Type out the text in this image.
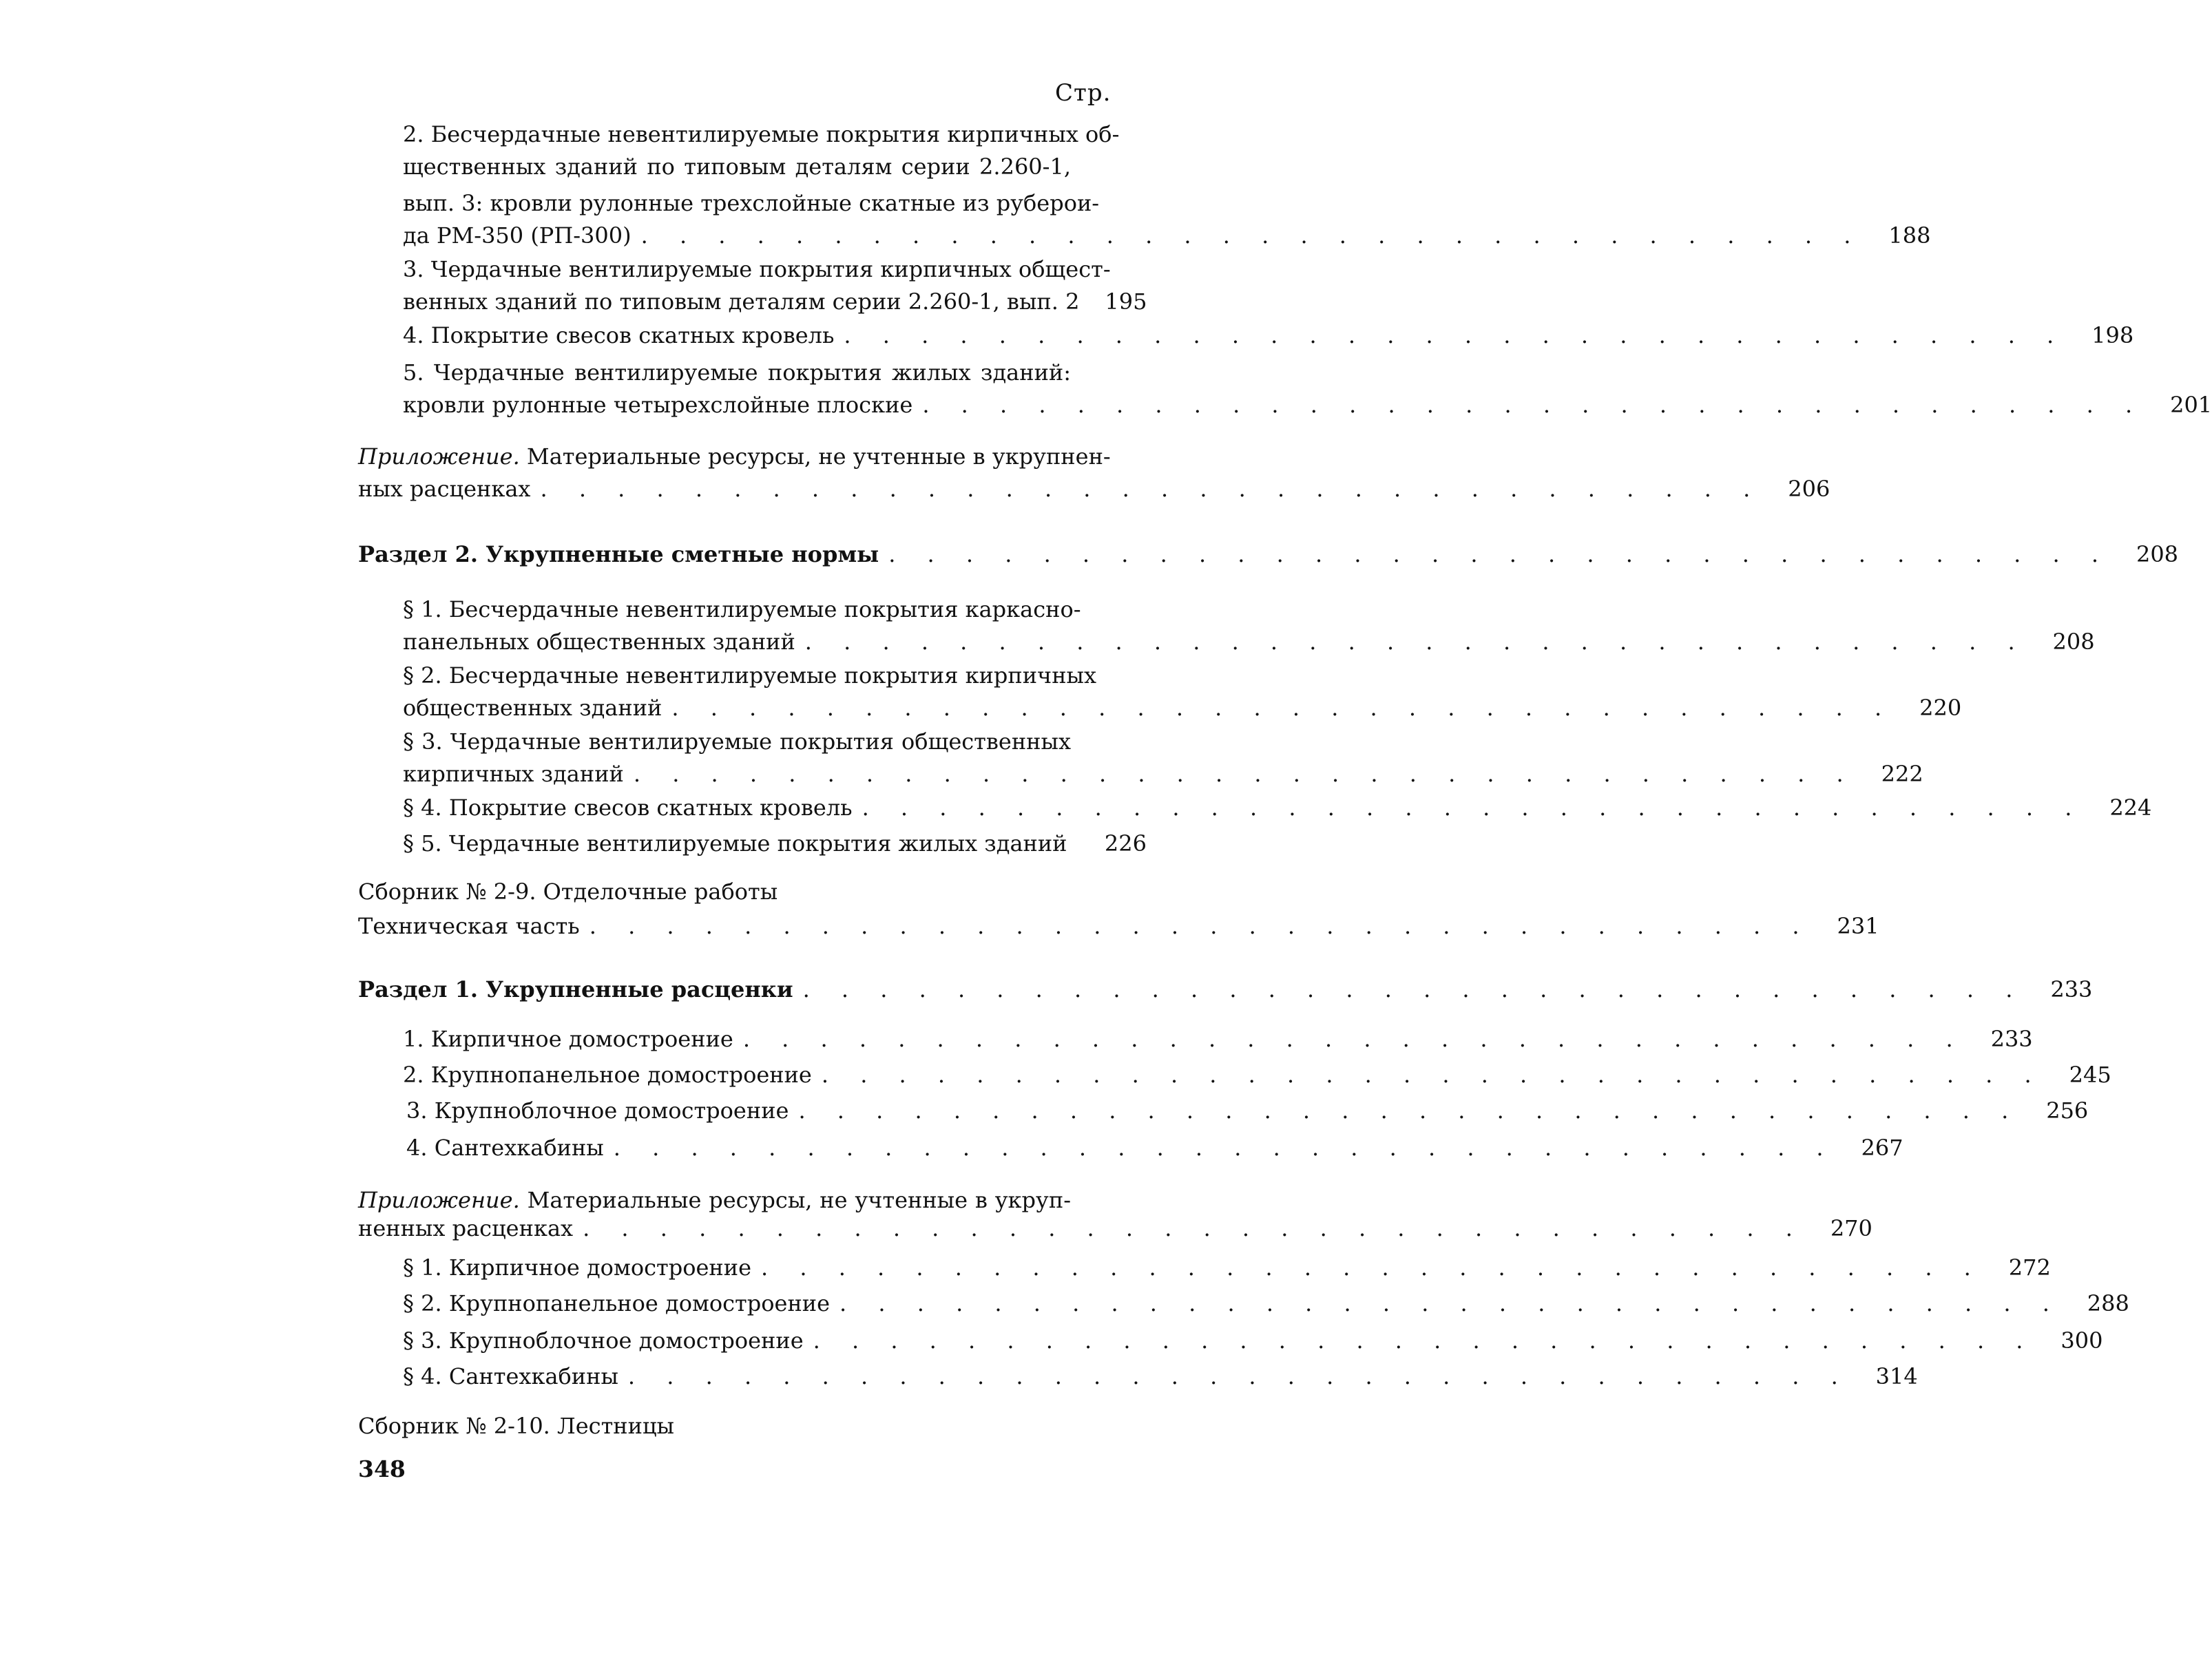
Стр.
2. Бесчердачные невентилируемые покрытия кирпичных об-
щественных зданий по типовым деталям серии 2.260-1,
вып. 3: кровли рулонные трехслойные скатные из руберои-
да РМ-350 (РП-300) . . . . . . . . . . . . . . . . . . . . . . . . . . . . . . . .	188
3. Чердачные вентилируемые покрытия кирпичных общест-
венных зданий по типовым деталям серии 2.260-1, вып. 2	195
4. Покрытие свесов скатных кровель . . . . . . . . . . . . . . . . . . . . . . . . . . . . . . . .	198
5. Чердачные вентилируемые покрытия жилых зданий:
кровли рулонные четырехслойные плоские . . . . . . . . . . . . . . . . . . . . . . . . . . . . . . . .	201
Приложение. Материальные ресурсы, не учтенные в укрупнен-
ных расценках . . . . . . . . . . . . . . . . . . . . . . . . . . . . . . . .	206
Раздел 2. Укрупненные сметные нормы . . . . . . . . . . . . . . . . . . . . . . . . . . . . . . . .	208
§ 1. Бесчердачные невентилируемые покрытия каркасно-
панельных общественных зданий . . . . . . . . . . . . . . . . . . . . . . . . . . . . . . . .	208
§ 2. Бесчердачные невентилируемые покрытия кирпичных
общественных зданий . . . . . . . . . . . . . . . . . . . . . . . . . . . . . . . .	220
§ 3. Чердачные вентилируемые покрытия общественных
кирпичных зданий . . . . . . . . . . . . . . . . . . . . . . . . . . . . . . . .	222
§ 4. Покрытие свесов скатных кровель . . . . . . . . . . . . . . . . . . . . . . . . . . . . . . . .	224
§ 5. Чердачные вентилируемые покрытия жилых зданий	226
Сборник № 2-9. Отделочные работы
Техническая часть . . . . . . . . . . . . . . . . . . . . . . . . . . . . . . . .	231
Раздел 1. Укрупненные расценки . . . . . . . . . . . . . . . . . . . . . . . . . . . . . . . .	233
1. Кирпичное домостроение . . . . . . . . . . . . . . . . . . . . . . . . . . . . . . . .	233
2. Крупнопанельное домостроение . . . . . . . . . . . . . . . . . . . . . . . . . . . . . . . .	245
3. Крупноблочное домостроение . . . . . . . . . . . . . . . . . . . . . . . . . . . . . . . .	256
4. Сантехкабины . . . . . . . . . . . . . . . . . . . . . . . . . . . . . . . .	267
Приложение. Материальные ресурсы, не учтенные в укруп-
ненных расценках . . . . . . . . . . . . . . . . . . . . . . . . . . . . . . . .	270
§ 1. Кирпичное домостроение . . . . . . . . . . . . . . . . . . . . . . . . . . . . . . . .	272
§ 2. Крупнопанельное домостроение . . . . . . . . . . . . . . . . . . . . . . . . . . . . . . . .	288
§ 3. Крупноблочное домостроение . . . . . . . . . . . . . . . . . . . . . . . . . . . . . . . .	300
§ 4. Сантехкабины . . . . . . . . . . . . . . . . . . . . . . . . . . . . . . . .	314
Сборник № 2-10. Лестницы
348
